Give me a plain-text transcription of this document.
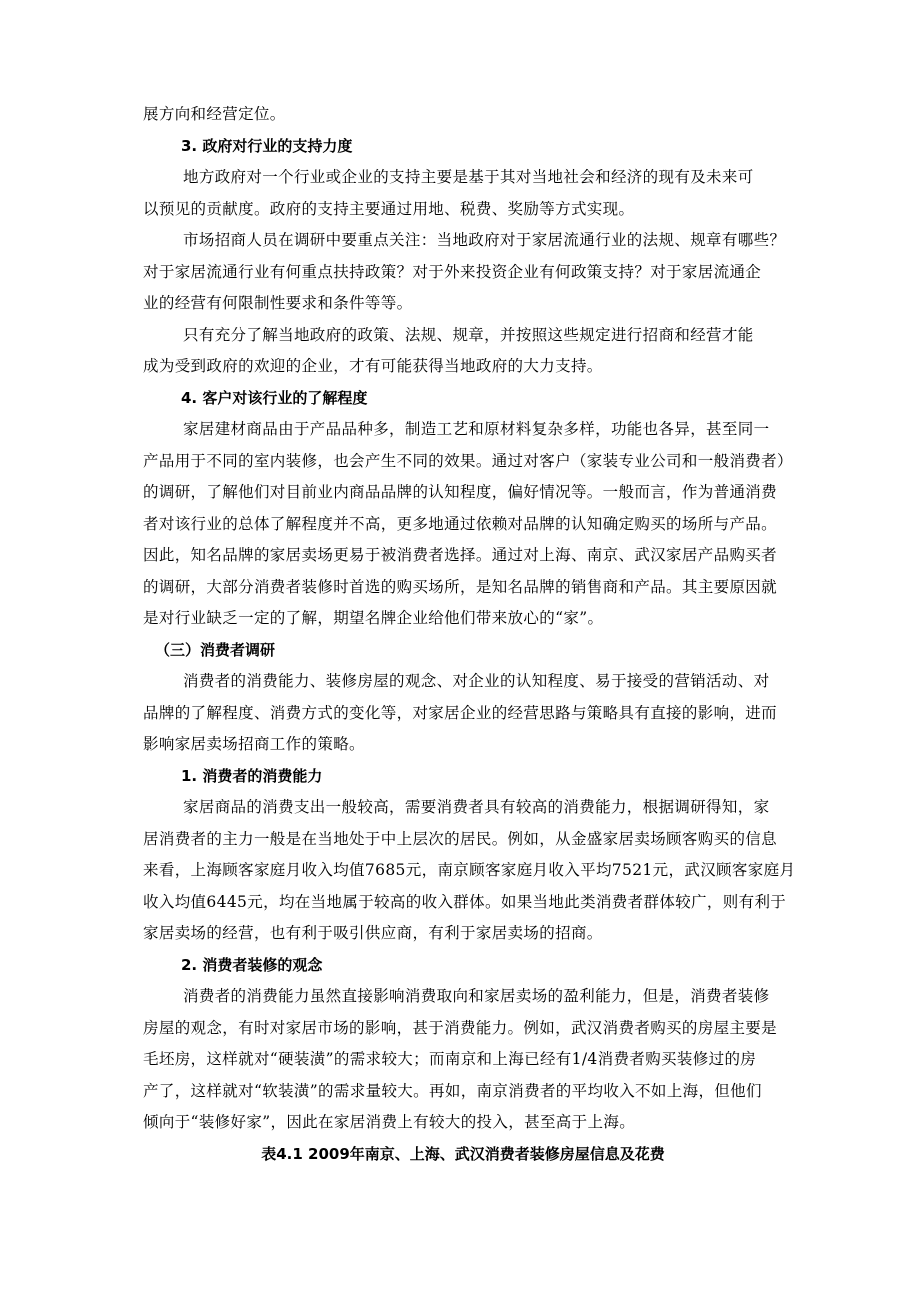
展方向和经营定位。
3. 政府对行业的支持力度
地方政府对一个行业或企业的支持主要是基于其对当地社会和经济的现有及未来可
以预见的贡献度。政府的支持主要通过用地、税费、奖励等方式实现。
市场招商人员在调研中要重点关注：当地政府对于家居流通行业的法规、规章有哪些？
对于家居流通行业有何重点扶持政策？对于外来投资企业有何政策支持？对于家居流通企
业的经营有何限制性要求和条件等等。
只有充分了解当地政府的政策、法规、规章，并按照这些规定进行招商和经营才能
成为受到政府的欢迎的企业，才有可能获得当地政府的大力支持。
4. 客户对该行业的了解程度
家居建材商品由于产品品种多，制造工艺和原材料复杂多样，功能也各异，甚至同一
产品用于不同的室内装修，也会产生不同的效果。通过对客户（家装专业公司和一般消费者）
的调研，了解他们对目前业内商品品牌的认知程度，偏好情况等。一般而言，作为普通消费
者对该行业的总体了解程度并不高，更多地通过依赖对品牌的认知确定购买的场所与产品。
因此，知名品牌的家居卖场更易于被消费者选择。通过对上海、南京、武汉家居产品购买者
的调研，大部分消费者装修时首选的购买场所，是知名品牌的销售商和产品。其主要原因就
是对行业缺乏一定的了解，期望名牌企业给他们带来放心的“家”。
（三）消费者调研
消费者的消费能力、装修房屋的观念、对企业的认知程度、易于接受的营销活动、对
品牌的了解程度、消费方式的变化等，对家居企业的经营思路与策略具有直接的影响，进而
影响家居卖场招商工作的策略。
1. 消费者的消费能力
家居商品的消费支出一般较高，需要消费者具有较高的消费能力，根据调研得知，家
居消费者的主力一般是在当地处于中上层次的居民。例如，从金盛家居卖场顾客购买的信息
来看，上海顾客家庭月收入均值7685元，南京顾客家庭月收入平均7521元，武汉顾客家庭月
收入均值6445元，均在当地属于较高的收入群体。如果当地此类消费者群体较广，则有利于
家居卖场的经营，也有利于吸引供应商，有利于家居卖场的招商。
2. 消费者装修的观念
消费者的消费能力虽然直接影响消费取向和家居卖场的盈利能力，但是，消费者装修
房屋的观念，有时对家居市场的影响，甚于消费能力。例如，武汉消费者购买的房屋主要是
毛坯房，这样就对“硬装潢”的需求较大；而南京和上海已经有1/4消费者购买装修过的房
产了，这样就对“软装潢”的需求量较大。再如，南京消费者的平均收入不如上海，但他们
倾向于“装修好家”，因此在家居消费上有较大的投入，甚至高于上海。
表4.1 2009年南京、上海、武汉消费者装修房屋信息及花费
